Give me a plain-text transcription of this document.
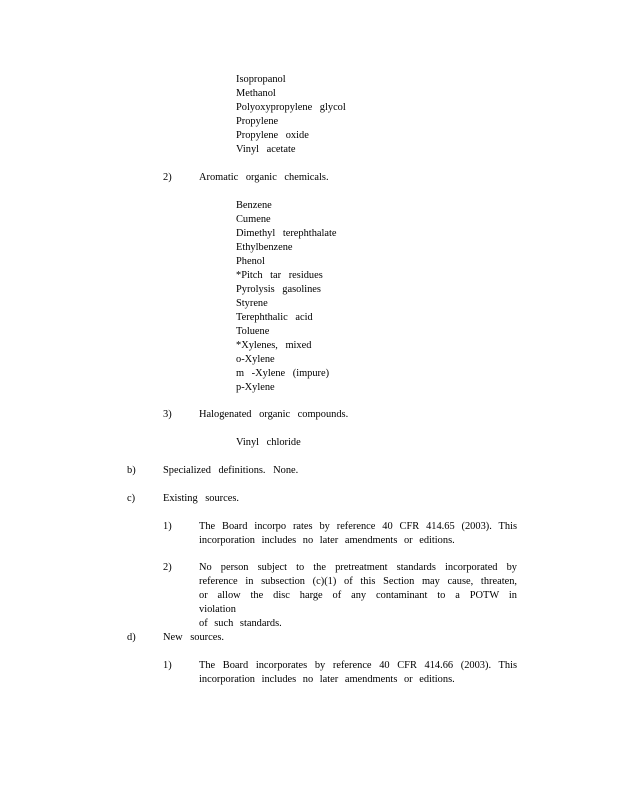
Isopropanol
Methanol
Polyoxypropylene glycol
Propylene
Propylene oxide
Vinyl acetate
2)	Aromatic organic chemicals.
Benzene
Cumene
Dimethyl terephthalate
Ethylbenzene
Phenol
*Pitch tar residues
Pyrolysis gasolines
Styrene
Terephthalic acid
Toluene
*Xylenes, mixed
o-Xylene
m -Xylene (impure)
p-Xylene
3)	Halogenated organic compounds.
Vinyl chloride
b)	Specialized definitions. None.
c)	Existing sources.
1)	The Board incorpo rates by reference 40 CFR 414.65 (2003). This
incorporation includes no later amendments or editions.
2)	No person subject to the pretreatment standards incorporated by
reference in subsection (c)(1) of this Section may cause, threaten,
or allow the disc harge of any contaminant to a POTW in violation
of such standards.
d)	New sources.
1)	The Board incorporates by reference 40 CFR 414.66 (2003). This
incorporation includes no later amendments or editions.
